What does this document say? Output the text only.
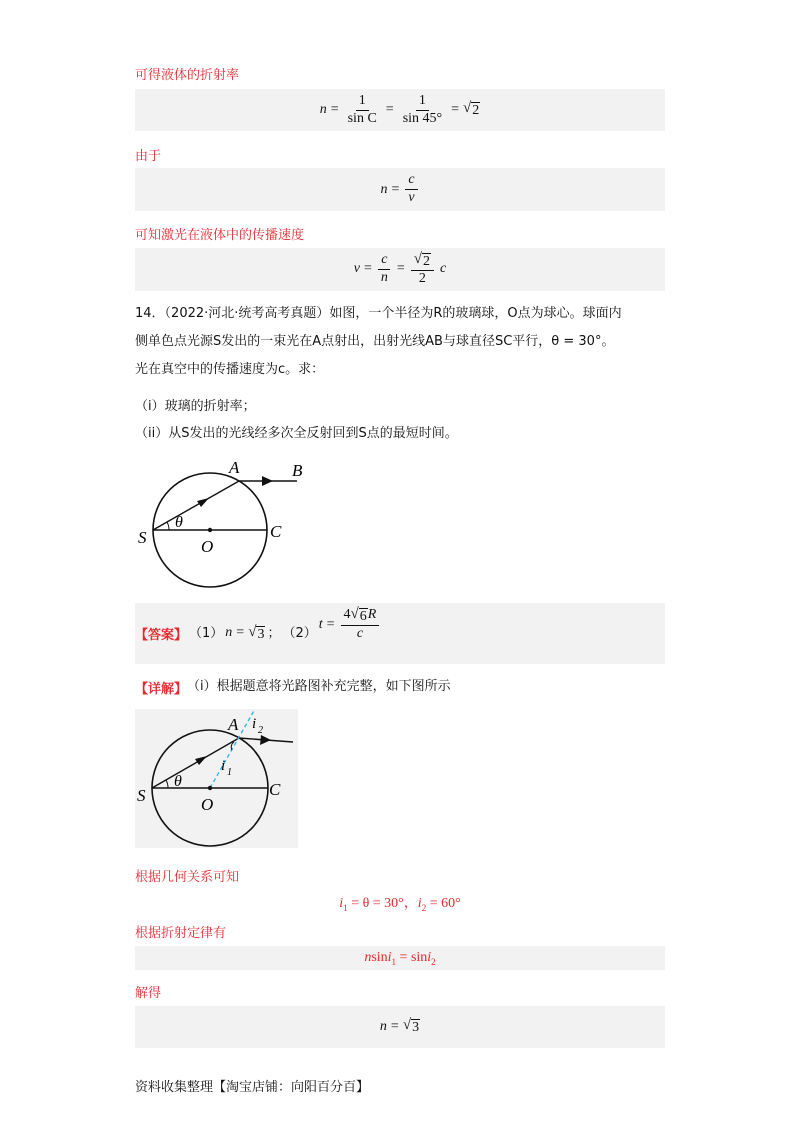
可得液体的折射率
$n = \frac{1}{\text{sin C}} = \frac{1}{\sin 45^\circ}$ = √ 2
由于
$n = \frac{c}{v}$
可知激光在液体中的传播速度
$v = \frac{c}{n} = \frac{√ 2}{2}$ c
14．（2022·河北·统考高考真题）如图，一个半径为R的玻璃球，O点为球心。球面内
侧单色点光源S发出的一束光在A点射出，出射光线AB与球直径SC平行，θ = 30°。
光在真空中的传播速度为c。求：
（i）玻璃的折射率；
（ii）从S发出的光线经多次全反射回到S点的最短时间。
A	B
S	O
C
θ
【答案】 （1） n = √ 3 ； （2）
$t = \frac{4 √ 6 R}{c}$
【详解】 （i）根据题意将光路图补充完整，如下图所示
A i 2
i 1
S	O
C
θ
根据几何关系可知
$i_1 = \theta = 30^\circ$，$i_2 = 60^\circ$
根据折射定律有
nsini$_1$ = sini$_2$
解得
n = √ 3
资料收集整理【淘宝店铺：向阳百分百】
